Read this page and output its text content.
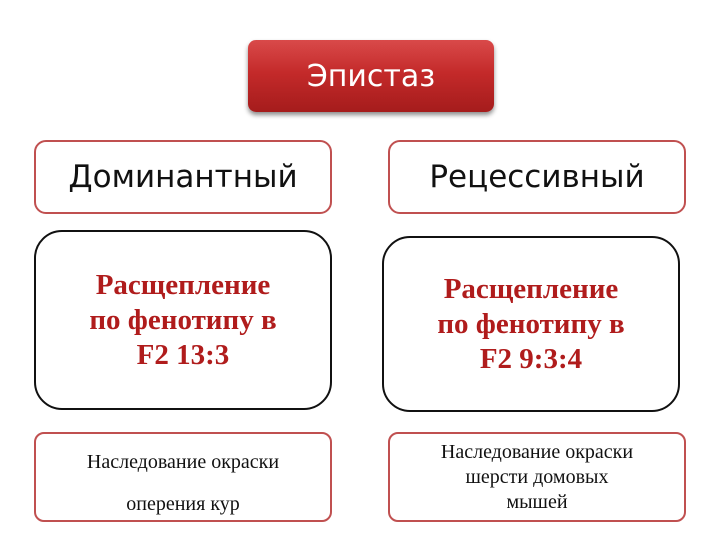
Эпистаз
Доминантный	Рецессивный
Расщепление
по фенотипу в
F2 13:3
Расщепление
по фенотипу в
F2 9:3:4
Наследование окраски
оперения кур
Наследование окраски
шерсти домовых
мышей
